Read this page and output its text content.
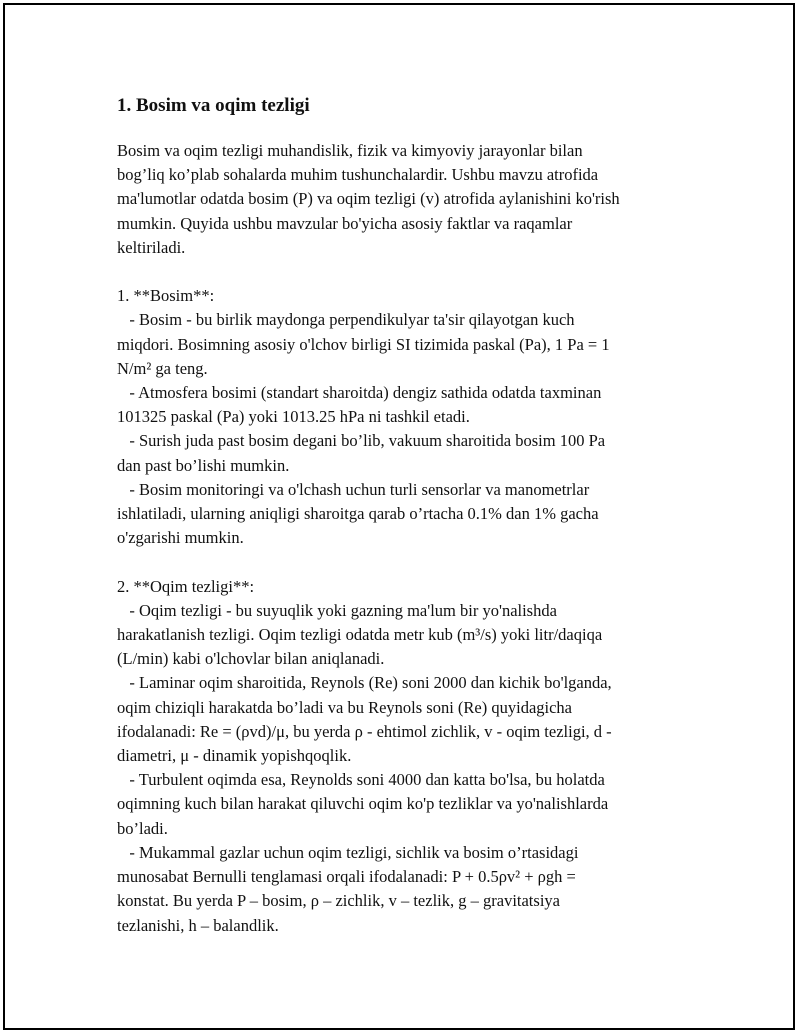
1. Bosim va oqim tezligi

Bosim va oqim tezligi muhandislik, fizik va kimyoviy jarayonlar bilan
bog’liq ko’plab sohalarda muhim tushunchalardir. Ushbu mavzu atrofida
ma'lumotlar odatda bosim (P) va oqim tezligi (v) atrofida aylanishini ko'rish
mumkin. Quyida ushbu mavzular bo'yicha asosiy faktlar va raqamlar
keltiriladi.

1. **Bosim**:

- Bosim - bu birlik maydonga perpendikulyar ta'sir qilayotgan kuch
miqdori. Bosimning asosiy o'lchov birligi SI tizimida paskal (Pa), 1 Pa = 1
N/m² ga teng.
- Atmosfera bosimi (standart sharoitda) dengiz sathida odatda taxminan
101325 paskal (Pa) yoki 1013.25 hPa ni tashkil etadi.
- Surish juda past bosim degani bo’lib, vakuum sharoitida bosim 100 Pa
dan past bo’lishi mumkin.
- Bosim monitoringi va o'lchash uchun turli sensorlar va manometrlar
ishlatiladi, ularning aniqligi sharoitga qarab o’rtacha 0.1% dan 1% gacha
o'zgarishi mumkin.

2. **Oqim tezligi**:

- Oqim tezligi - bu suyuqlik yoki gazning ma'lum bir yo'nalishda
harakatlanish tezligi. Oqim tezligi odatda metr kub (m³/s) yoki litr/daqiqa
(L/min) kabi o'lchovlar bilan aniqlanadi.
- Laminar oqim sharoitida, Reynols (Re) soni 2000 dan kichik bo'lganda,
oqim chiziqli harakatda bo’ladi va bu Reynols soni (Re) quyidagicha
ifodalanadi: Re = (ρvd)/μ, bu yerda ρ - ehtimol zichlik, v - oqim tezligi, d -
diametri, μ - dinamik yopishqoqlik.
- Turbulent oqimda esa, Reynolds soni 4000 dan katta bo'lsa, bu holatda
oqimning kuch bilan harakat qiluvchi oqim ko'p tezliklar va yo'nalishlarda
bo’ladi.
- Mukammal gazlar uchun oqim tezligi, sichlik va bosim o’rtasidagi
munosabat Bernulli tenglamasi orqali ifodalanadi: P + 0.5ρv² + ρgh =
konstat. Bu yerda P – bosim, ρ – zichlik, v – tezlik, g – gravitatsiya
tezlanishi, h – balandlik.
